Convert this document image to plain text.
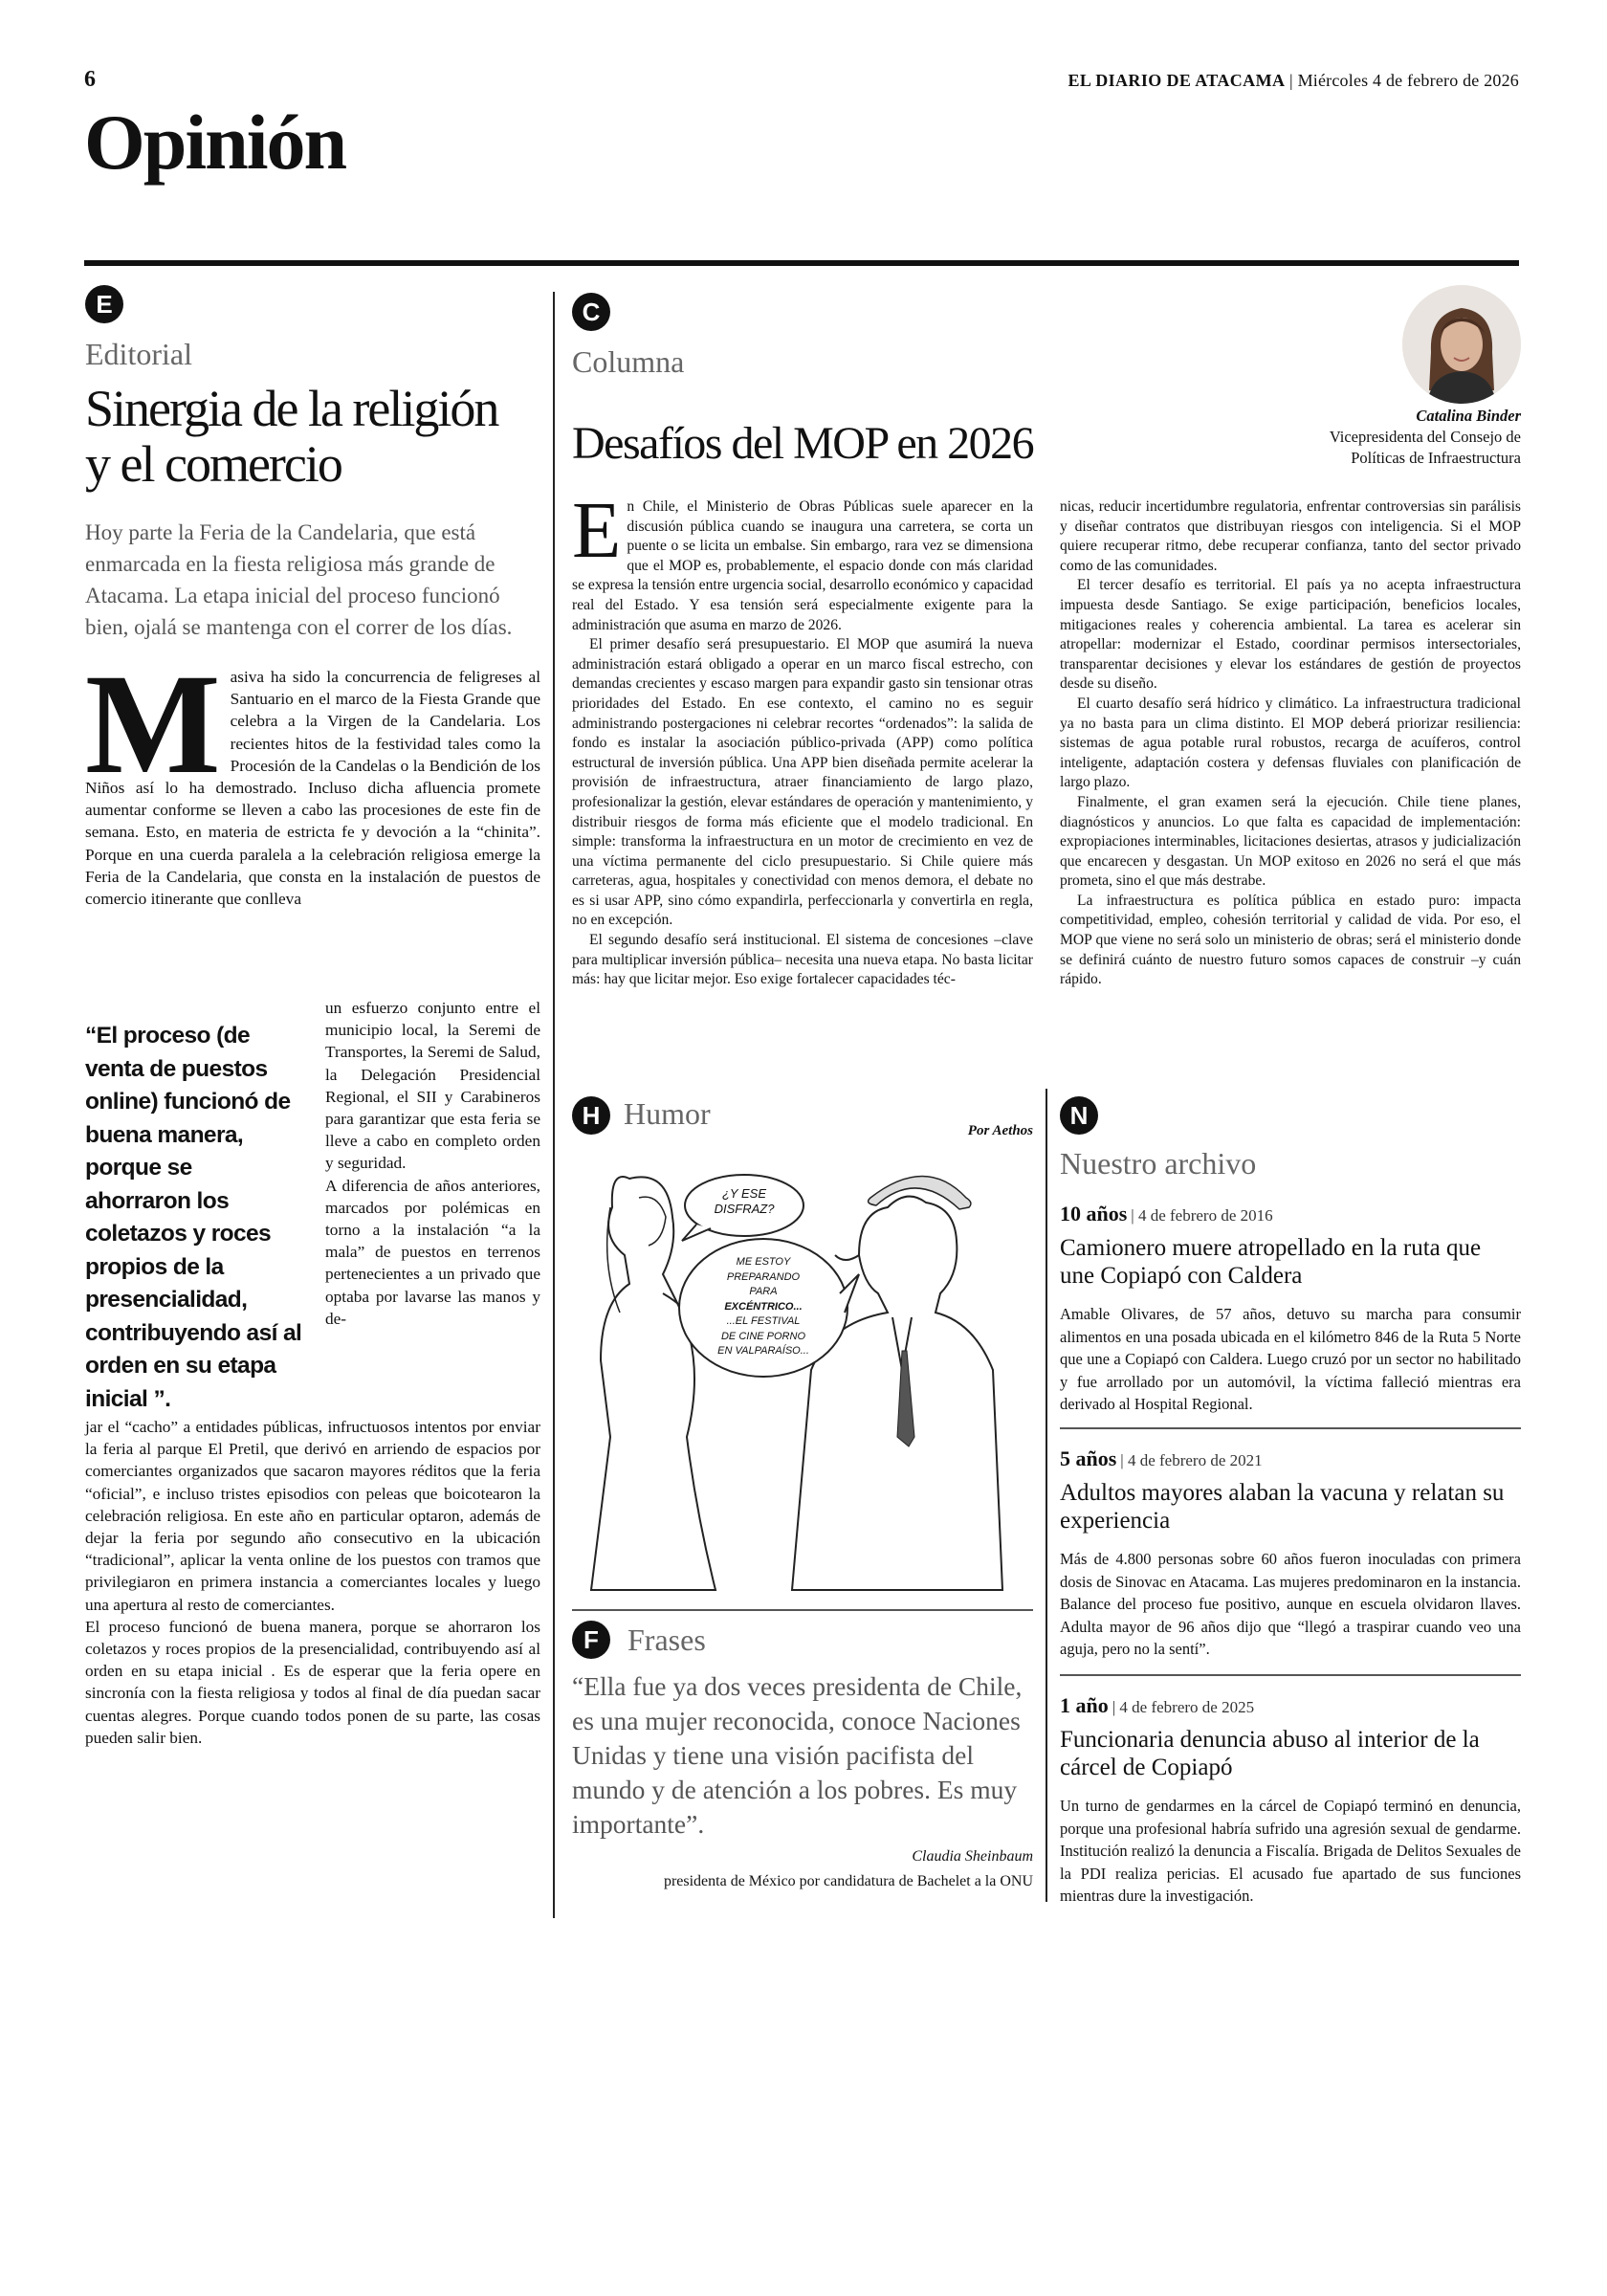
6	EL DIARIO DE ATACAMA | Miércoles 4 de febrero de 2026
Opinión
E
Editorial
Sinergia de la religión
y el comercio
Hoy parte la Feria de la Candelaria, que está enmarcada en la fiesta religiosa más grande de Atacama. La etapa inicial del proceso funcionó bien, ojalá se mantenga con el correr de los días.

Masiva ha sido la concurrencia de feligreses al Santuario en el marco de la Fiesta Grande que celebra a la Virgen de la Candelaria. Los recientes hitos de la festividad tales como la Procesión de la Candelas o la Bendición de los Niños así lo ha demostrado. Incluso dicha afluencia promete aumentar conforme se lleven a cabo las procesiones de este fin de semana. Esto, en materia de estricta fe y devoción a la “chinita”. Porque en una cuerda paralela a la celebración religiosa emerge la Feria de la Candelaria, que consta en la instalación de puestos de comercio itinerante que conlleva

“El proceso (de venta de puestos online) funcionó de buena manera, porque se ahorraron los coletazos y roces propios de la presencialidad, contribuyendo así al orden en su etapa inicial ”.

un esfuerzo conjunto entre el municipio local, la Seremi de Transportes, la Seremi de Salud, la Delegación Presidencial Regional, el SII y Carabineros para garantizar que esta feria se lleve a cabo en completo orden y seguridad.

A diferencia de años anteriores, marcados por polémicas en torno a la instalación “a la mala” de puestos en terrenos pertenecientes a un privado que optaba por lavarse las manos y de-

jar el “cacho” a entidades públicas, infructuosos intentos por enviar la feria al parque El Pretil, que derivó en arriendo de espacios por comerciantes organizados que sacaron mayores réditos que la feria “oficial”, e incluso tristes episodios con peleas que boicotearon la celebración religiosa. En este año en particular optaron, además de dejar la feria por segundo año consecutivo en la ubicación “tradicional”, aplicar la venta online de los puestos con tramos que privilegiaron en primera instancia a comerciantes locales y luego una apertura al resto de comerciantes.

El proceso funcionó de buena manera, porque se ahorraron los coletazos y roces propios de la presencialidad, contribuyendo así al orden en su etapa inicial . Es de esperar que la feria opere en sincronía con la fiesta religiosa y todos al final de día puedan sacar cuentas alegres. Porque cuando todos ponen de su parte, las cosas pueden salir bien.

C
Columna
Desafíos del MOP en 2026
Catalina Binder
Vicepresidenta del Consejo de Políticas de Infraestructura

En Chile, el Ministerio de Obras Públicas suele aparecer en la discusión pública cuando se inaugura una carretera, se corta un puente o se licita un embalse. Sin embargo, rara vez se dimensiona que el MOP es, probablemente, el espacio donde con más claridad se expresa la tensión entre urgencia social, desarrollo económico y capacidad real del Estado. Y esa tensión será especialmente exigente para la administración que asuma en marzo de 2026.

El primer desafío será presupuestario. El MOP que asumirá la nueva administración estará obligado a operar en un marco fiscal estrecho, con demandas crecientes y escaso margen para expandir gasto sin tensionar otras prioridades del Estado. En ese contexto, el camino no es seguir administrando postergaciones ni celebrar recortes “ordenados”: la salida de fondo es instalar la asociación público-privada (APP) como política estructural de inversión pública. Una APP bien diseñada permite acelerar la provisión de infraestructura, atraer financiamiento de largo plazo, profesionalizar la gestión, elevar estándares de operación y mantenimiento, y distribuir riesgos de forma más eficiente que el modelo tradicional. En simple: transforma la infraestructura en un motor de crecimiento en vez de una víctima permanente del ciclo presupuestario. Si Chile quiere más carreteras, agua, hospitales y conectividad con menos demora, el debate no es si usar APP, sino cómo expandirla, perfeccionarla y convertirla en regla, no en excepción.

El segundo desafío será institucional. El sistema de concesiones –clave para multiplicar inversión pública– necesita una nueva etapa. No basta licitar más: hay que licitar mejor. Eso exige fortalecer capacidades téc-

nicas, reducir incertidumbre regulatoria, enfrentar controversias sin parálisis y diseñar contratos que distribuyan riesgos con inteligencia. Si el MOP quiere recuperar ritmo, debe recuperar confianza, tanto del sector privado como de las comunidades.

El tercer desafío es territorial. El país ya no acepta infraestructura impuesta desde Santiago. Se exige participación, beneficios locales, mitigaciones reales y coherencia ambiental. La tarea es acelerar sin atropellar: modernizar el Estado, coordinar permisos intersectoriales, transparentar decisiones y elevar los estándares de gestión de proyectos desde su diseño.

El cuarto desafío será hídrico y climático. La infraestructura tradicional ya no basta para un clima distinto. El MOP deberá priorizar resiliencia: sistemas de agua potable rural robustos, recarga de acuíferos, control inteligente, adaptación costera y defensas fluviales con planificación de largo plazo.

Finalmente, el gran examen será la ejecución. Chile tiene planes, diagnósticos y anuncios. Lo que falta es capacidad de implementación: expropiaciones interminables, licitaciones desiertas, atrasos y judicialización que encarecen y desgastan. Un MOP exitoso en 2026 no será el que más prometa, sino el que más destrabe.

La infraestructura es política pública en estado puro: impacta competitividad, empleo, cohesión territorial y calidad de vida. Por eso, el MOP que viene no será solo un ministerio de obras; será el ministerio donde se definirá cuánto de nuestro futuro somos capaces de construir –y cuán rápido.

H Humor	Por Aethos
¿Y ESE DISFRAZ?
ME ESTOY
PREPARANDO
PARA
EXCÉNTRICO...
...EL FESTIVAL
DE CINE PORNO
EN VALPARAÍSO...
F Frases
“Ella fue ya dos veces presidenta de Chile, es una mujer reconocida, conoce Naciones Unidas y tiene una visión pacifista del mundo y de atención a los pobres. Es muy importante”.
Claudia Sheinbaum
presidenta de México por candidatura de Bachelet a la ONU
N
Nuestro archivo
10 años | 4 de febrero de 2016
Camionero muere atropellado en la ruta que une Copiapó con Caldera
Amable Olivares, de 57 años, detuvo su marcha para consumir alimentos en una posada ubicada en el kilómetro 846 de la Ruta 5 Norte que une a Copiapó con Caldera. Luego cruzó por un sector no habilitado y fue arrollado por un automóvil, la víctima falleció mientras era derivado al Hospital Regional.
5 años | 4 de febrero de 2021
Adultos mayores alaban la vacuna y relatan su experiencia
Más de 4.800 personas sobre 60 años fueron inoculadas con primera dosis de Sinovac en Atacama. Las mujeres predominaron en la instancia. Balance del proceso fue positivo, aunque en escuela olvidaron llaves. Adulta mayor de 96 años dijo que “llegó a traspirar cuando veo una aguja, pero no la sentí”.
1 año | 4 de febrero de 2025
Funcionaria denuncia abuso al interior de la cárcel de Copiapó
Un turno de gendarmes en la cárcel de Copiapó terminó en denuncia, porque una profesional habría sufrido una agresión sexual de gendarme. Institución realizó la denuncia a Fiscalía. Brigada de Delitos Sexuales de la PDI realiza pericias. El acusado fue apartado de sus funciones mientras dure la investigación.
